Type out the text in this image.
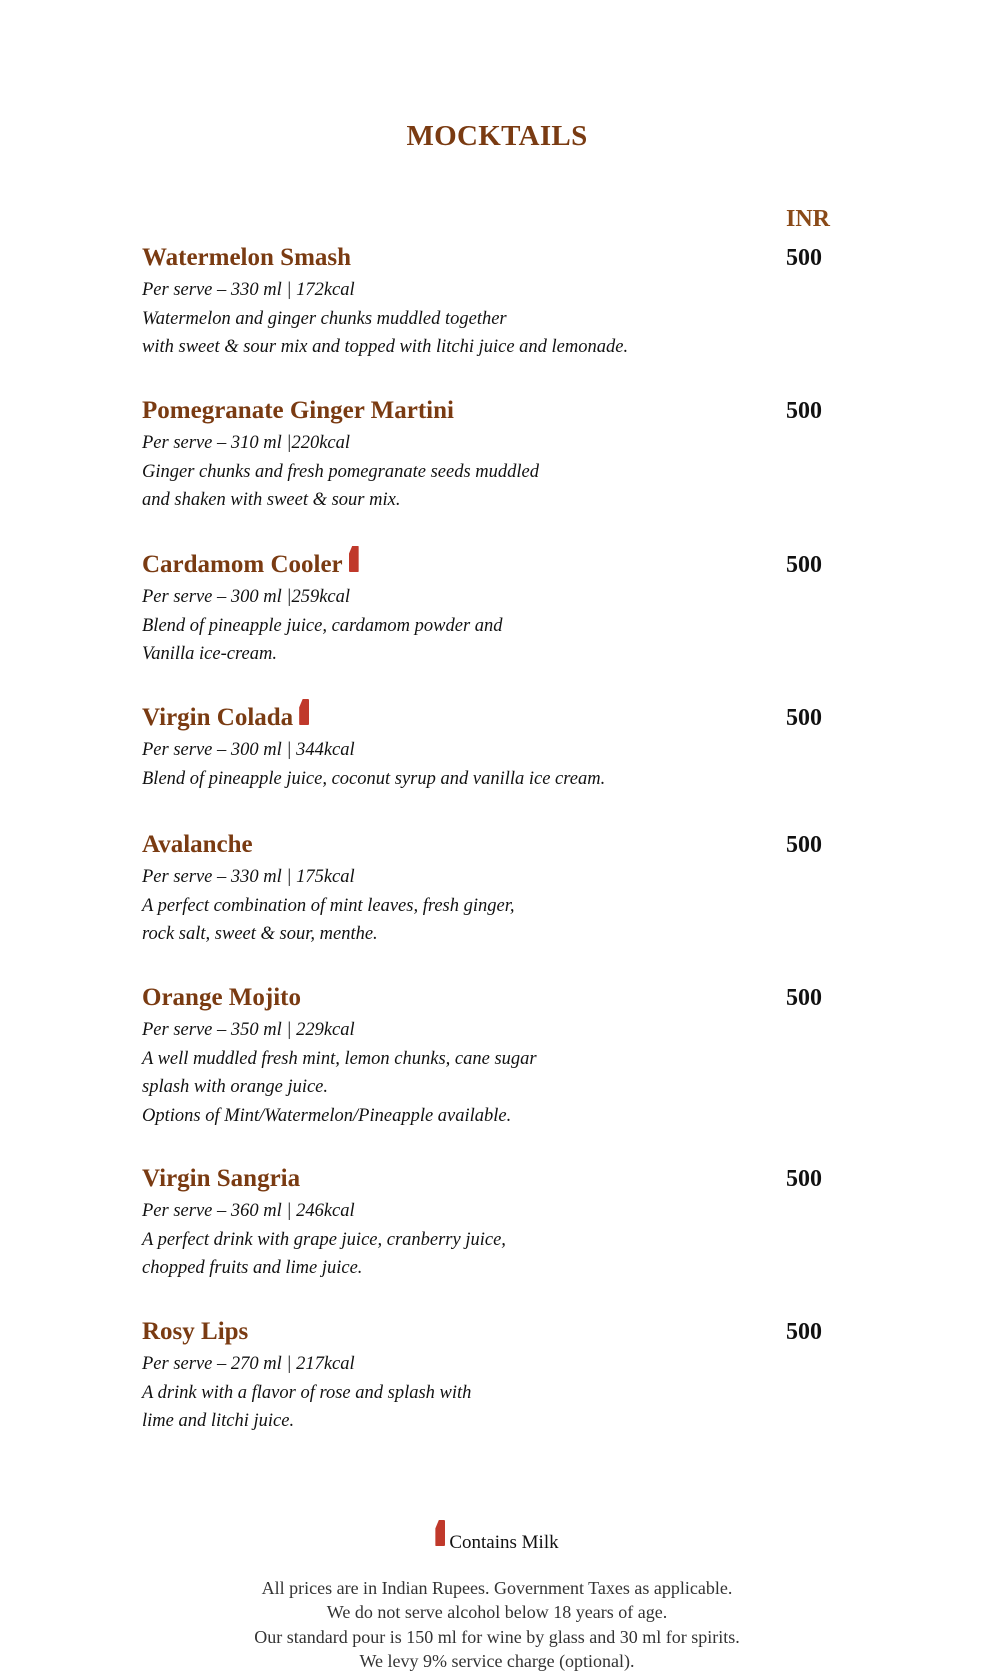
MOCKTAILS
INR
Watermelon Smash	500
Per serve – 330 ml | 172kcal
Watermelon and ginger chunks muddled together
with sweet & sour mix and topped with litchi juice and lemonade.
Pomegranate Ginger Martini	500
Per serve – 310 ml |220kcal
Ginger chunks and fresh pomegranate seeds muddled
and shaken with sweet & sour mix.
Cardamom Cooler	500
Per serve – 300 ml |259kcal
Blend of pineapple juice, cardamom powder and
Vanilla ice-cream.
Virgin Colada	500
Per serve – 300 ml | 344kcal
Blend of pineapple juice, coconut syrup and vanilla ice cream.
Avalanche	500
Per serve – 330 ml | 175kcal
A perfect combination of mint leaves, fresh ginger,
rock salt, sweet & sour, menthe.
Orange Mojito	500
Per serve – 350 ml | 229kcal
A well muddled fresh mint, lemon chunks, cane sugar
splash with orange juice.
Options of Mint/Watermelon/Pineapple available.
Virgin Sangria	500
Per serve – 360 ml | 246kcal
A perfect drink with grape juice, cranberry juice,
chopped fruits and lime juice.
Rosy Lips	500
Per serve – 270 ml | 217kcal
A drink with a flavor of rose and splash with
lime and litchi juice.
Contains Milk
All prices are in Indian Rupees. Government Taxes as applicable.
We do not serve alcohol below 18 years of age.
Our standard pour is 150 ml for wine by glass and 30 ml for spirits.
We levy 9% service charge (optional).
